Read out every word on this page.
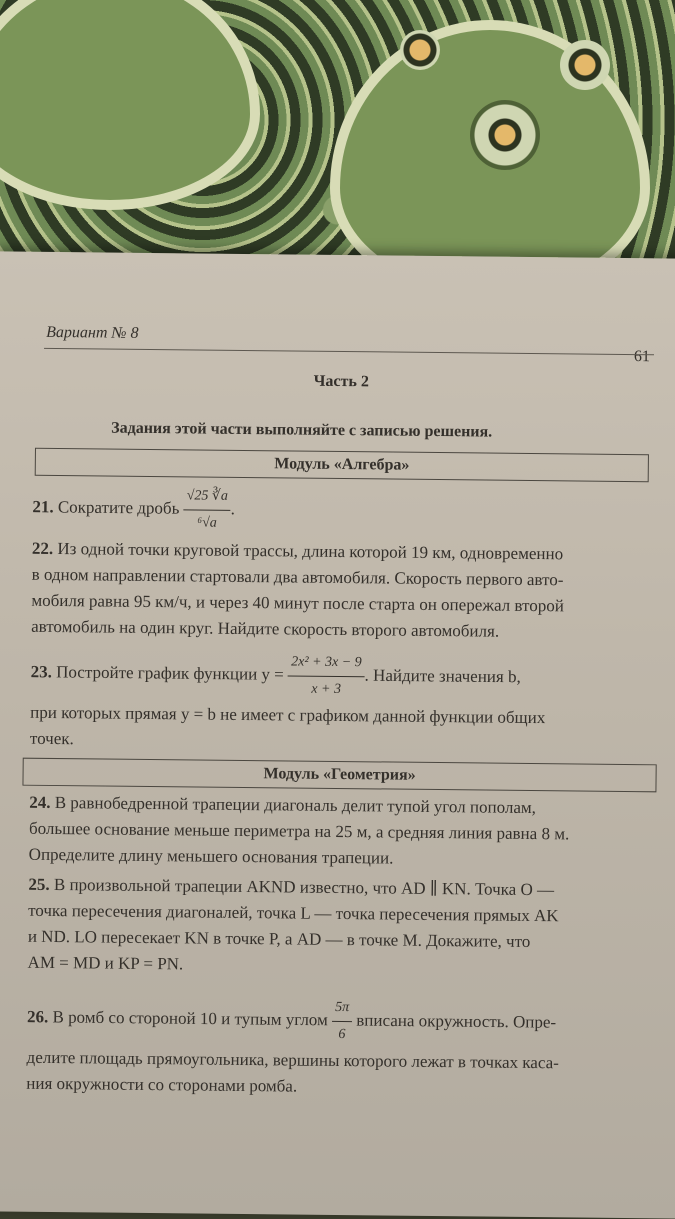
Вариант № 8
61
Часть 2
Задания этой части выполняйте с записью решения.
Модуль «Алгебра»
21. Сократите дробь $\frac{√25 ∛a}{\text{⁶√a}}$ .
22. Из одной точки круговой трассы, длина которой 19 км, одновременно
в одном направлении стартовали два автомобиля. Скорость первого авто-
мобиля равна 95 км/ч, и через 40 минут после старта он опережал второй
автомобиль на один круг. Найдите скорость второго автомобиля.
23. Постройте график функции $y = \frac{\text{2x² + 3x − 9}}{x + 3}$ . Найдите значения b,
при которых прямая y = b не имеет с графиком данной функции общих
точек.
Модуль «Геометрия»
24. В равнобедренной трапеции диагональ делит тупой угол пополам,
большее основание меньше периметра на 25 м, а средняя линия равна 8 м.
Определите длину меньшего основания трапеции.
25. В произвольной трапеции AKND известно, что AD ∥ KN. Точка O —
точка пересечения диагоналей, точка L — точка пересечения прямых AK
и ND. LO пересекает KN в точке P, а AD — в точке M. Докажите, что
AM = MD и KP = PN.
26. В ромб со стороной 10 и тупым углом $\frac{5\pi}{6}$ вписана окружность. Опре-
делите площадь прямоугольника, вершины которого лежат в точках каса-
ния окружности со сторонами ромба.
